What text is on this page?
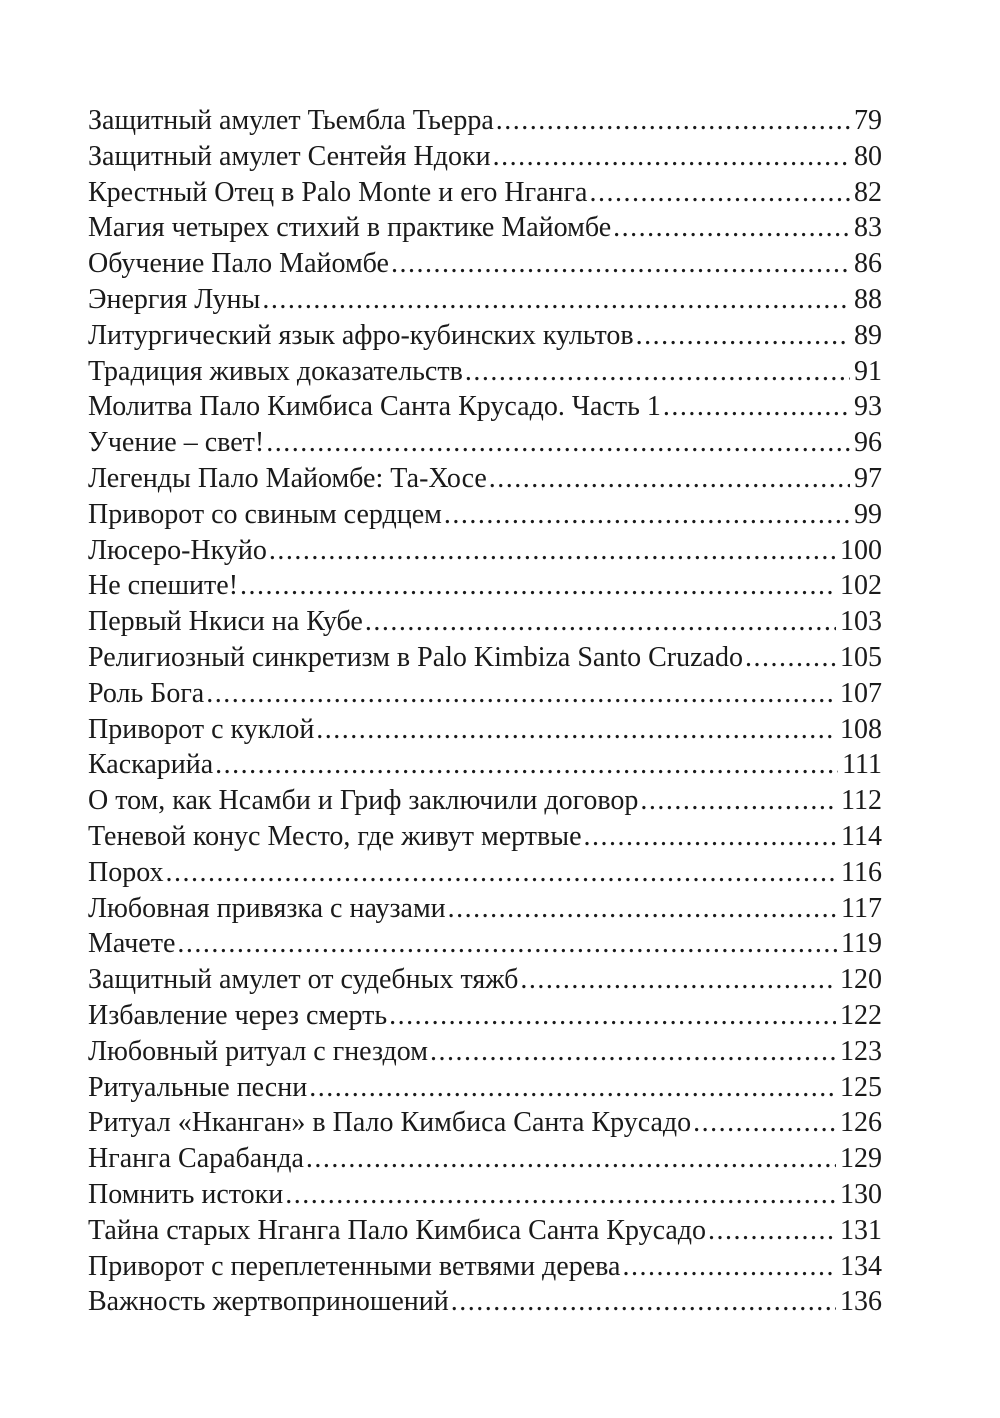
Защитный амулет Тьембла Тьерра .....	79
Защитный амулет Сентейя Ндоки .....	80
Крестный Отец в Palo Monte и его Нганга .....	82
Магия четырех стихий в практике Майомбе .....	83
Обучение Пало Майомбе .....	86
Энергия Луны .....	88
Литургический язык афро-кубинских культов .....	89
Традиция живых доказательств .....	91
Молитва Пало Кимбиса Санта Крусадо. Часть 1 .....	93
Учение – свет! .....	96
Легенды Пало Майомбе: Та-Хосе .....	97
Приворот со свиным сердцем .....	99
Люсеро-Нкуйо .....	100
Не спешите! .....	102
Первый Нкиси на Кубе .....	103
Религиозный синкретизм в Palo Kimbiza Santo Cruzado .....	105
Роль Бога .....	107
Приворот с куклой .....	108
Каскарийа .....	111
О том, как Нсамби и Гриф заключили договор .....	112
Теневой конус Место, где живут мертвые .....	114
Порох .....	116
Любовная привязка с наузами .....	117
Мачете .....	119
Защитный амулет от судебных тяжб .....	120
Избавление через смерть .....	122
Любовный ритуал с гнездом .....	123
Ритуальные песни .....	125
Ритуал «Нканган» в Пало Кимбиса Санта Крусадо .....	126
Нганга Сарабанда .....	129
Помнить истоки .....	130
Тайна старых Нганга Пало Кимбиса Санта Крусадо .....	131
Приворот с переплетенными ветвями дерева .....	134
Важность жертвоприношений .....	136
